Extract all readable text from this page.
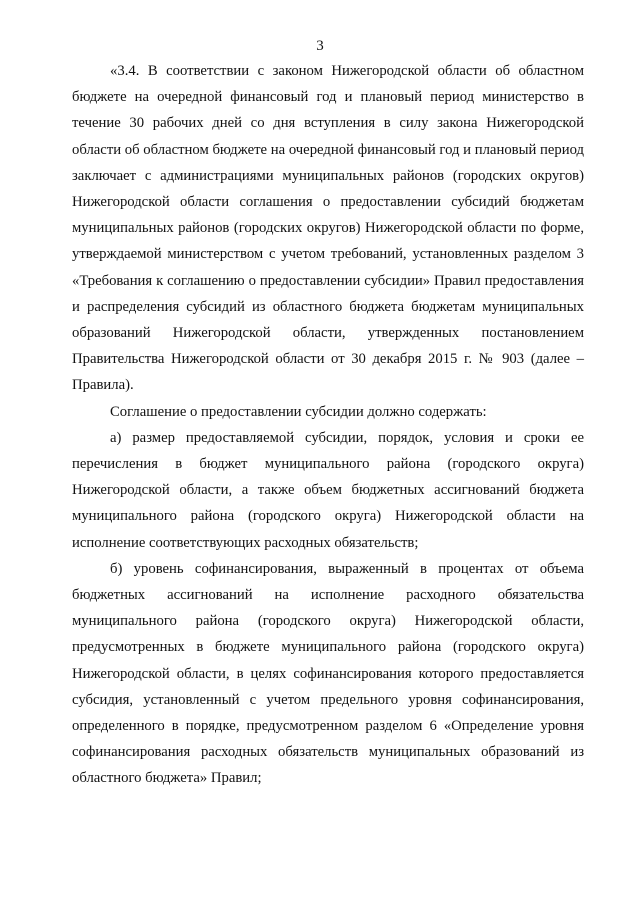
3

«3.4. В соответствии с законом Нижегородской области об областном бюджете на очередной финансовый год и плановый период министерство в течение 30 рабочих дней со дня вступления в силу закона Нижегородской области об областном бюджете на очередной финансовый год и плановый период заключает с администрациями муниципальных районов (городских округов) Нижегородской области соглашения о предоставлении субсидий бюджетам муниципальных районов (городских округов) Нижегородской области по форме, утверждаемой министерством с учетом требований, установленных разделом 3 «Требования к соглашению о предоставлении субсидии» Правил предоставления и распределения субсидий из областного бюджета бюджетам муниципальных образований Нижегородской области, утвержденных постановлением Правительства Нижегородской области от 30 декабря 2015 г. № 903 (далее – Правила).

Соглашение о предоставлении субсидии должно содержать:

а) размер предоставляемой субсидии, порядок, условия и сроки ее перечисления в бюджет муниципального района (городского округа) Нижегородской области, а также объем бюджетных ассигнований бюджета муниципального района (городского округа) Нижегородской области на исполнение соответствующих расходных обязательств;

б) уровень софинансирования, выраженный в процентах от объема бюджетных ассигнований на исполнение расходного обязательства муниципального района (городского округа) Нижегородской области, предусмотренных в бюджете муниципального района (городского округа) Нижегородской области, в целях софинансирования которого предоставляется субсидия, установленный с учетом предельного уровня софинансирования, определенного в порядке, предусмотренном разделом 6 «Определение уровня софинансирования расходных обязательств муниципальных образований из областного бюджета» Правил;
